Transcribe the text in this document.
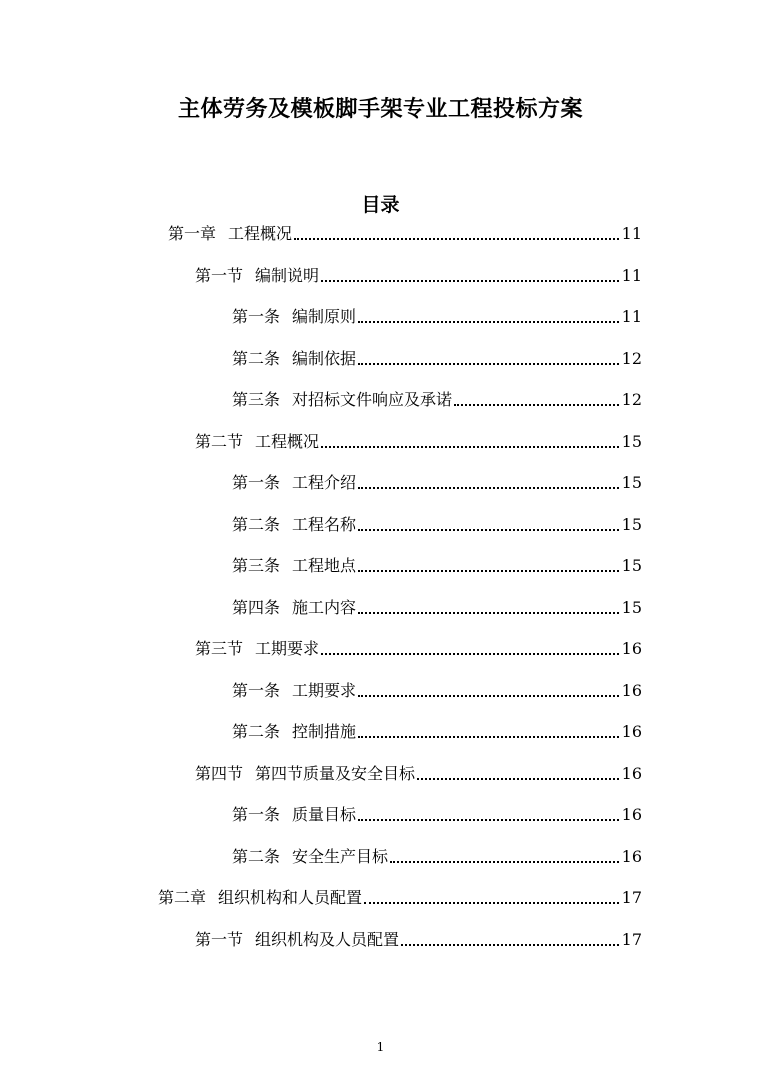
主体劳务及模板脚手架专业工程投标方案
目录
第一章 工程概况	11
第一节 编制说明	11
第一条 编制原则	11
第二条 编制依据	12
第三条 对招标文件响应及承诺	12
第二节 工程概况	15
第一条 工程介绍	15
第二条 工程名称	15
第三条 工程地点	15
第四条 施工内容	15
第三节 工期要求	16
第一条 工期要求	16
第二条 控制措施	16
第四节 第四节质量及安全目标	16
第一条 质量目标	16
第二条 安全生产目标	16
第二章 组织机构和人员配置	17
第一节 组织机构及人员配置	17
1
